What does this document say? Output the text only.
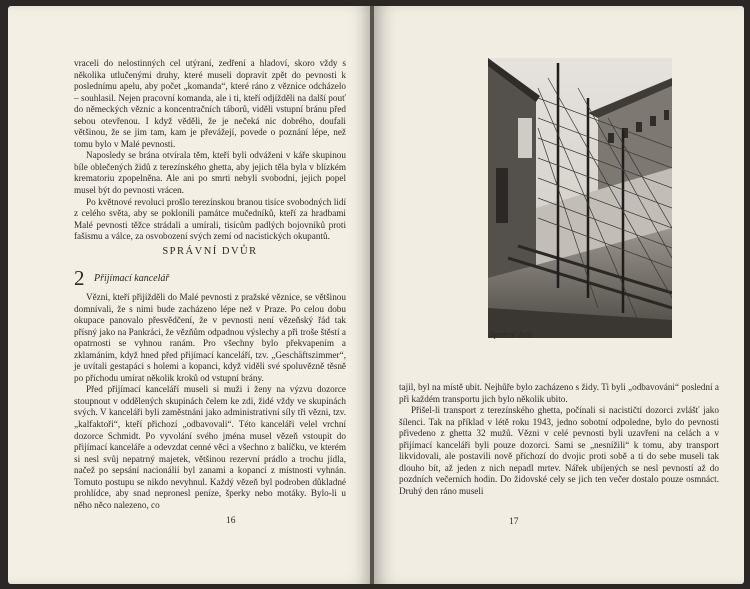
vraceli do nelostinných cel utýraní, zedření a hladoví, skoro vždy s několika utlučenými druhy, které museli dopravit zpět do pevnosti k poslednímu apelu, aby počet „komanda“, které ráno z věznice odcházelo – souhlasil. Nejen pracovní komanda, ale i ti, kteří odjížděli na další pouť do německých věznic a koncentračních táborů, viděli vstupní bránu před sebou otevřenou. I když věděli, že je nečeká nic dobrého, doufali většinou, že se jim tam, kam je převážejí, povede o poznání lépe, než tomu bylo v Malé pevnosti.

Naposledy se brána otvírala těm, kteří byli odváženi v káře skupinou bíle oblečených židů z terezínského ghetta, aby jejich těla byla v blízkém krematoriu zpopelněna. Ale ani po smrti nebyli svobodni, jejich popel musel být do pevnosti vrácen.

Po květnové revoluci prošlo terezínskou branou tisíce svobodných lidí z celého světa, aby se poklonili památce mučedníků, kteří za hradbami Malé pevnosti těžce strádali a umírali, tisícům padlých bojovníků proti fašismu a válce, za osvobození svých zemí od nacistických okupantů.

SPRÁVNÍ DVŮR
2 Přijímací kancelář

Vězni, kteří přijížděli do Malé pevnosti z pražské věznice, se většinou domnívali, že s nimi bude zacházeno lépe než v Praze. Po celou dobu okupace panovalo přesvědčení, že v pevnosti není vězeňský řád tak přísný jako na Pankráci, že vězňům odpadnou výslechy a při troše štěstí a opatrnosti se vyhnou ranám. Pro všechny bylo překvapením a zklamáním, když hned před přijímací kanceláří, tzv. „Geschäftszimmer“, je uvítali gestapáci s holemi a kopanci, když viděli své spoluvězně těsně po příchodu umírat několik kroků od vstupní brány.

Před přijímací kanceláří museli si muži i ženy na výzvu dozorce stoupnout v oddělených skupinách čelem ke zdi, židé vždy ve skupinách svých. V kanceláři byli zaměstnáni jako administrativní síly tři vězni, tzv. „kalfaktoři“, kteří přichozí „odbavovali“. Této kanceláři velel vrchní dozorce Schmidt. Po vyvolání svého jména musel vězeň vstoupit do přijímací kanceláře a odevzdat cenné věci a všechno z balíčku, ve kterém si nesl svůj nepatrný majetek, většinou rezervní prádlo a trochu jídla, načež po sepsání nacionálií byl zanami a kopanci z místnosti vyhnán. Tomuto postupu se nikdo nevyhnul. Každý vězeň byl podroben důkladné prohlídce, aby snad nepronesl peníze, šperky nebo motáky. Bylo-li u něho něco nalezeno, co

16
Správní dvůr

tajil, byl na místě ubit. Nejhůře bylo zacházeno s židy. Ti byli „odbavováni“ poslední a při každém transportu jich bylo několik ubito.

Přišel-li transport z terezínského ghetta, počínali si nacističtí dozorci zvlášť jako šílenci. Tak na příklad v létě roku 1943, jedno sobotní odpoledne, bylo do pevnosti přivedeno z ghetta 32 mužů. Vězni v celé pevnosti byli uzavřeni na celách a v přijímací kanceláři byli pouze dozorci. Sami se „nesnížili“ k tomu, aby transport likvidovali, ale postavili nově příchozí do dvojic proti sobě a ti do sebe museli tak dlouho bít, až jeden z nich nepadl mrtev. Nářek ubíjených se nesl pevností až do pozdních večerních hodin. Do židovské cely se jich ten večer dostalo pouze osmnáct. Druhý den ráno museli

17
